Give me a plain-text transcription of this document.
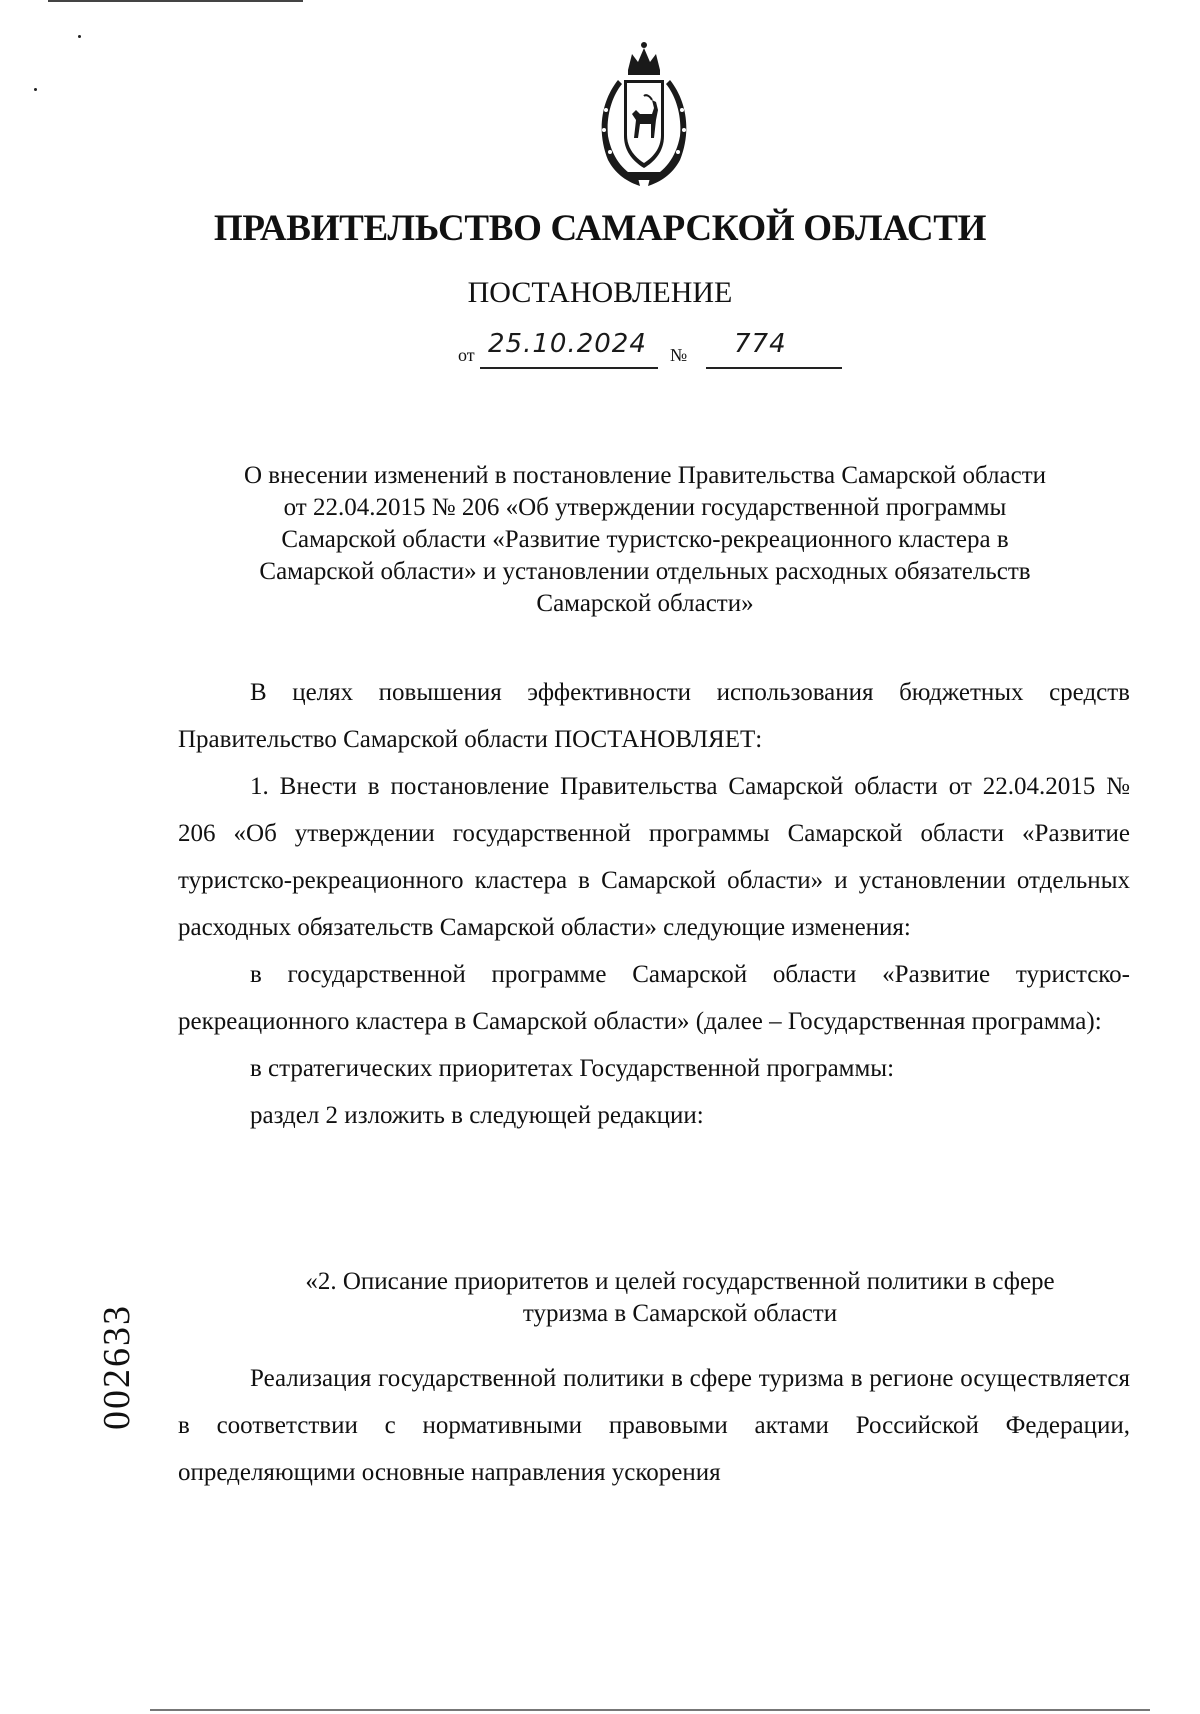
ПРАВИТЕЛЬСТВО САМАРСКОЙ ОБЛАСТИ
ПОСТАНОВЛЕНИЕ
от 25.10.2024 № 774
О внесении изменений в постановление Правительства Самарской области
от 22.04.2015 № 206 «Об утверждении государственной программы
Самарской области «Развитие туристско-рекреационного кластера в
Самарской области» и установлении отдельных расходных обязательств
Самарской области»

В целях повышения эффективности использования бюджетных средств Правительство Самарской области ПОСТАНОВЛЯЕТ:

1. Внести в постановление Правительства Самарской области от 22.04.2015 № 206 «Об утверждении государственной программы Самарской области «Развитие туристско-рекреационного кластера в Самарской области» и установлении отдельных расходных обязательств Самарской области» следующие изменения:

в государственной программе Самарской области «Развитие туристско-рекреационного кластера в Самарской области» (далее – Государственная программа):

в стратегических приоритетах Государственной программы:

раздел 2 изложить в следующей редакции:

«2. Описание приоритетов и целей государственной политики в сфере
туризма в Самарской области

Реализация государственной политики в сфере туризма в регионе осуществляется в соответствии с нормативными правовыми актами Российской Федерации, определяющими основные направления ускорения

002633
